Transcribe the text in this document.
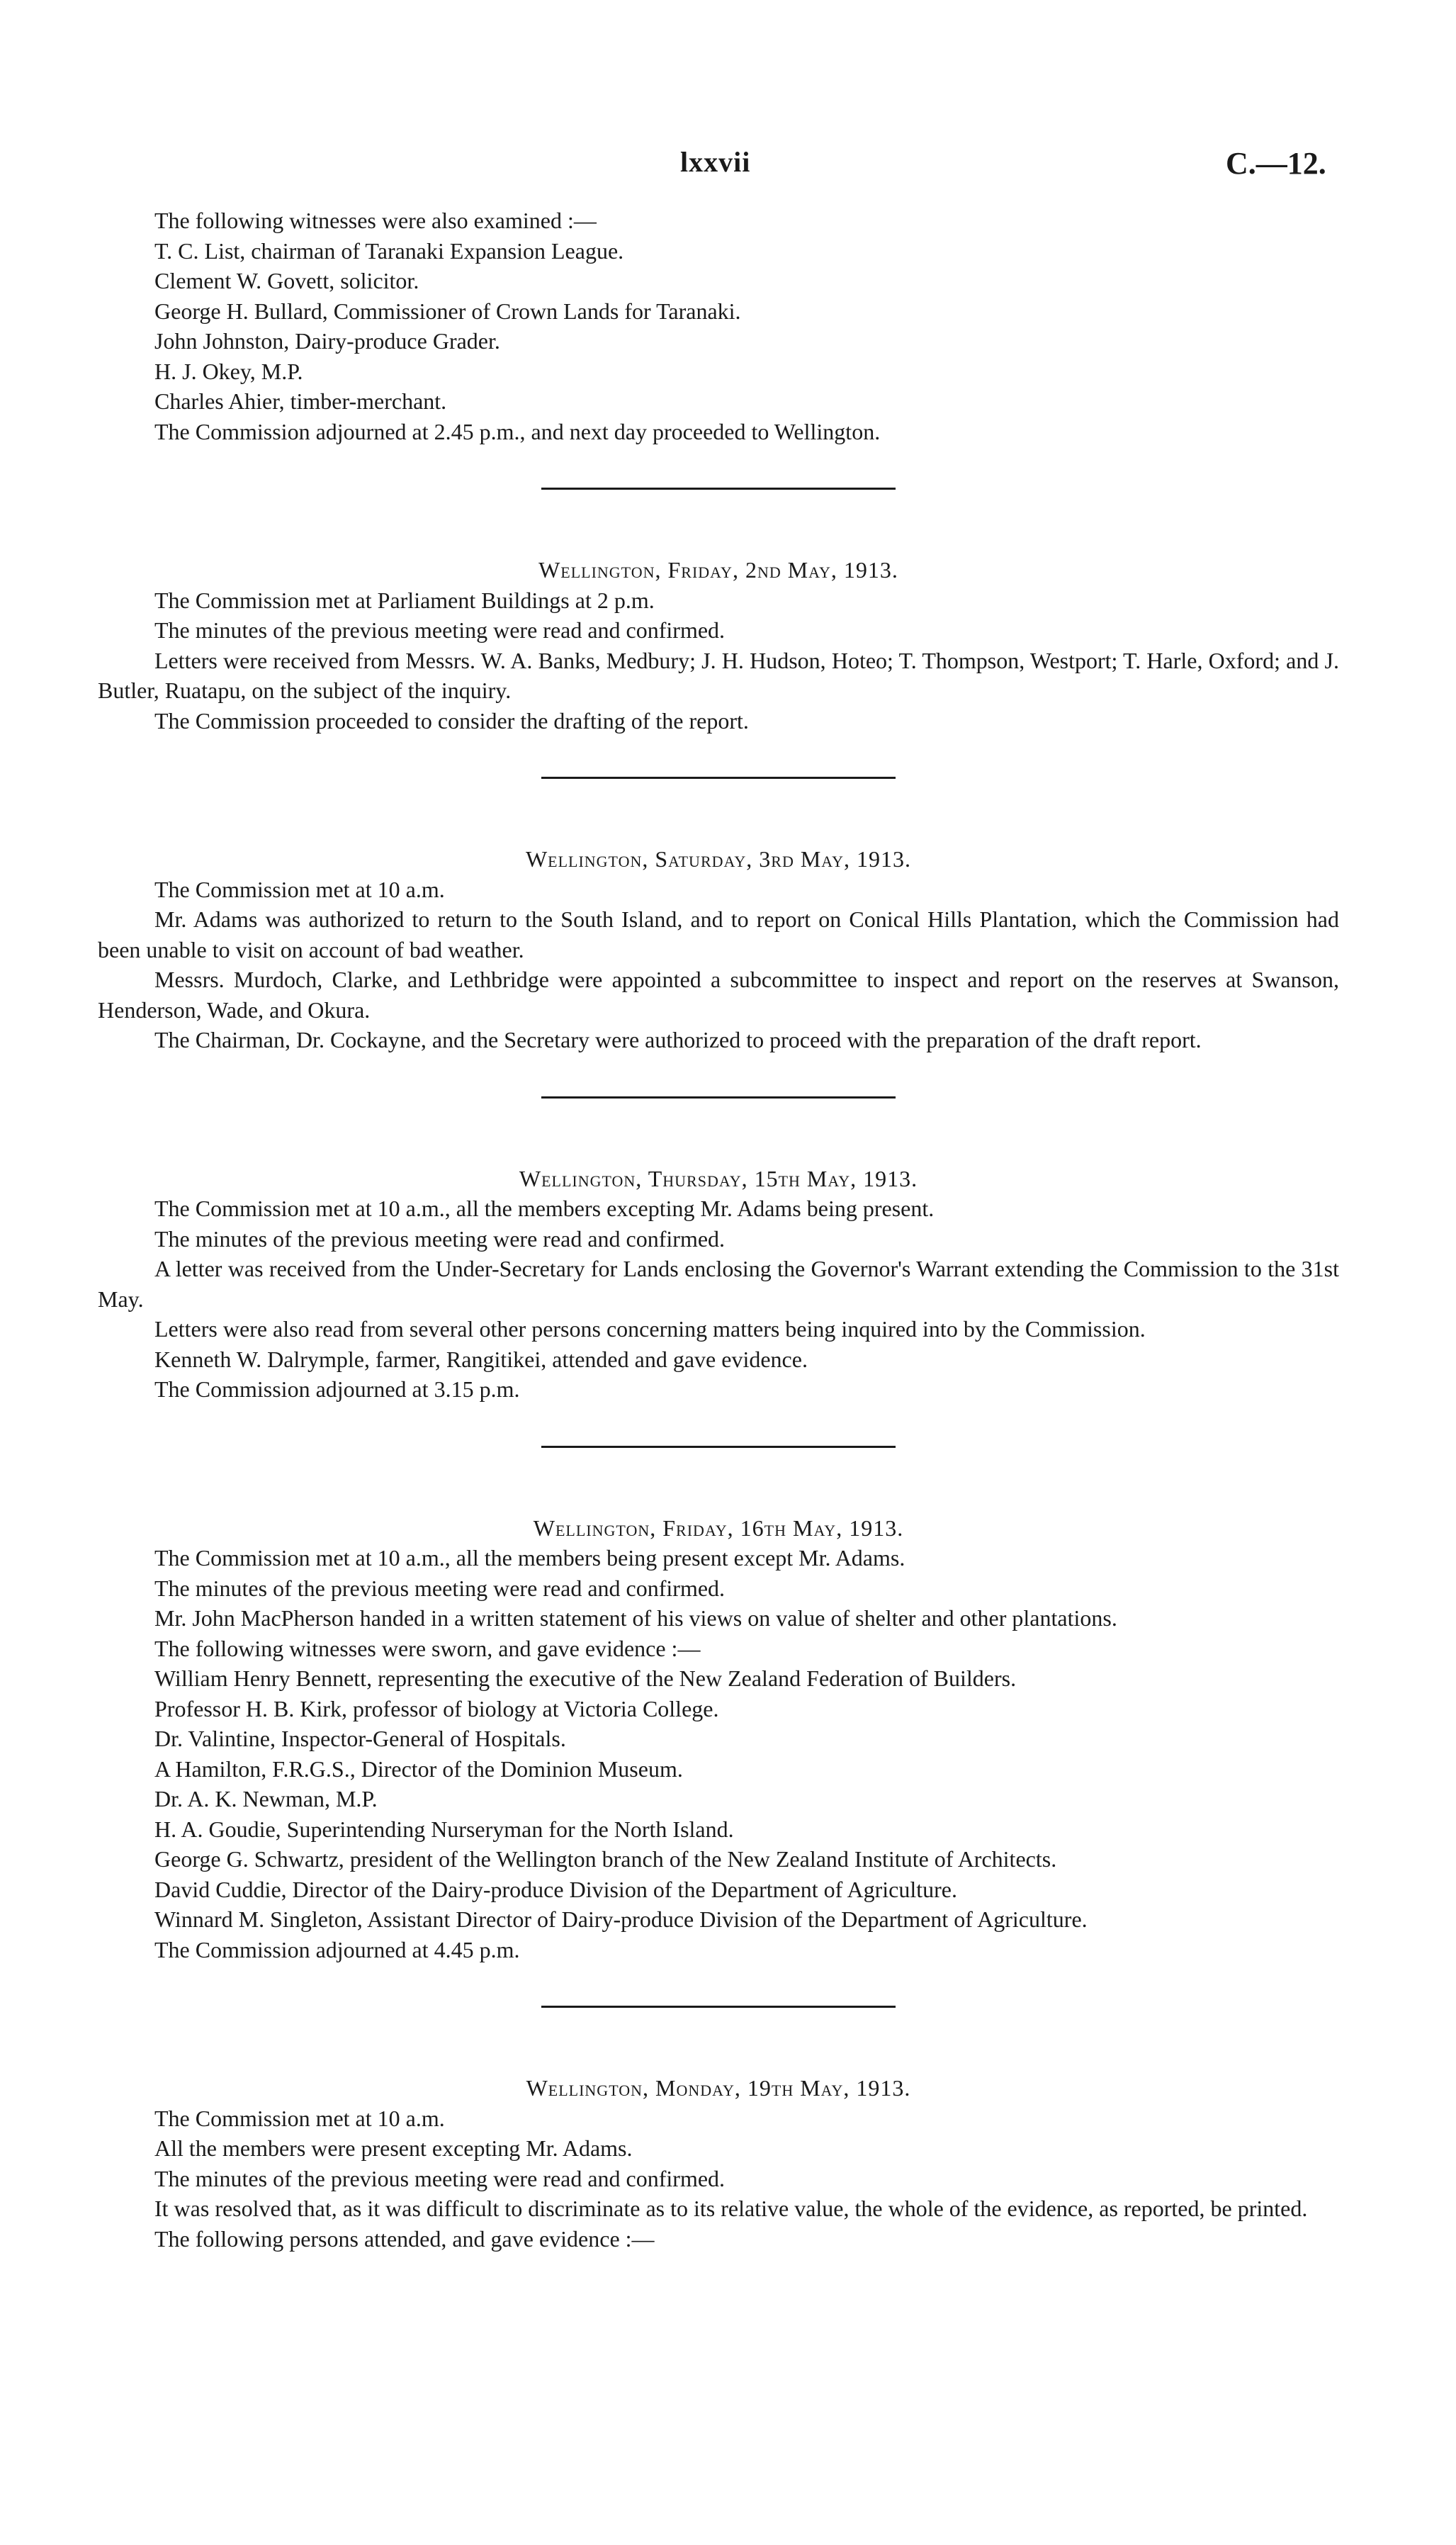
lxxvii	C.—12.

The following witnesses were also examined :—

T. C. List, chairman of Taranaki Expansion League.

Clement W. Govett, solicitor.

George H. Bullard, Commissioner of Crown Lands for Taranaki.

John Johnston, Dairy-produce Grader.

H. J. Okey, M.P.

Charles Ahier, timber-merchant.

The Commission adjourned at 2.45 p.m., and next day proceeded to Wellington.

Wellington, Friday, 2nd May, 1913.

The Commission met at Parliament Buildings at 2 p.m.

The minutes of the previous meeting were read and confirmed.

Letters were received from Messrs. W. A. Banks, Medbury; J. H. Hudson, Hoteo; T. Thompson, Westport; T. Harle, Oxford; and J. Butler, Ruatapu, on the subject of the inquiry.

The Commission proceeded to consider the drafting of the report.

Wellington, Saturday, 3rd May, 1913.

The Commission met at 10 a.m.

Mr. Adams was authorized to return to the South Island, and to report on Conical Hills Plantation, which the Commission had been unable to visit on account of bad weather.

Messrs. Murdoch, Clarke, and Lethbridge were appointed a subcommittee to inspect and report on the reserves at Swanson, Henderson, Wade, and Okura.

The Chairman, Dr. Cockayne, and the Secretary were authorized to proceed with the preparation of the draft report.

Wellington, Thursday, 15th May, 1913.

The Commission met at 10 a.m., all the members excepting Mr. Adams being present.

The minutes of the previous meeting were read and confirmed.

A letter was received from the Under-Secretary for Lands enclosing the Governor's Warrant extending the Commission to the 31st May.

Letters were also read from several other persons concerning matters being inquired into by the Commission.

Kenneth W. Dalrymple, farmer, Rangitikei, attended and gave evidence.

The Commission adjourned at 3.15 p.m.

Wellington, Friday, 16th May, 1913.

The Commission met at 10 a.m., all the members being present except Mr. Adams.

The minutes of the previous meeting were read and confirmed.

Mr. John MacPherson handed in a written statement of his views on value of shelter and other plantations.

The following witnesses were sworn, and gave evidence :—

William Henry Bennett, representing the executive of the New Zealand Federation of Builders.

Professor H. B. Kirk, professor of biology at Victoria College.

Dr. Valintine, Inspector-General of Hospitals.

A Hamilton, F.R.G.S., Director of the Dominion Museum.

Dr. A. K. Newman, M.P.

H. A. Goudie, Superintending Nurseryman for the North Island.

George G. Schwartz, president of the Wellington branch of the New Zealand Institute of Architects.

David Cuddie, Director of the Dairy-produce Division of the Department of Agriculture.

Winnard M. Singleton, Assistant Director of Dairy-produce Division of the Department of Agriculture.

The Commission adjourned at 4.45 p.m.

Wellington, Monday, 19th May, 1913.

The Commission met at 10 a.m.

All the members were present excepting Mr. Adams.

The minutes of the previous meeting were read and confirmed.

It was resolved that, as it was difficult to discriminate as to its relative value, the whole of the evidence, as reported, be printed.

The following persons attended, and gave evidence :—
